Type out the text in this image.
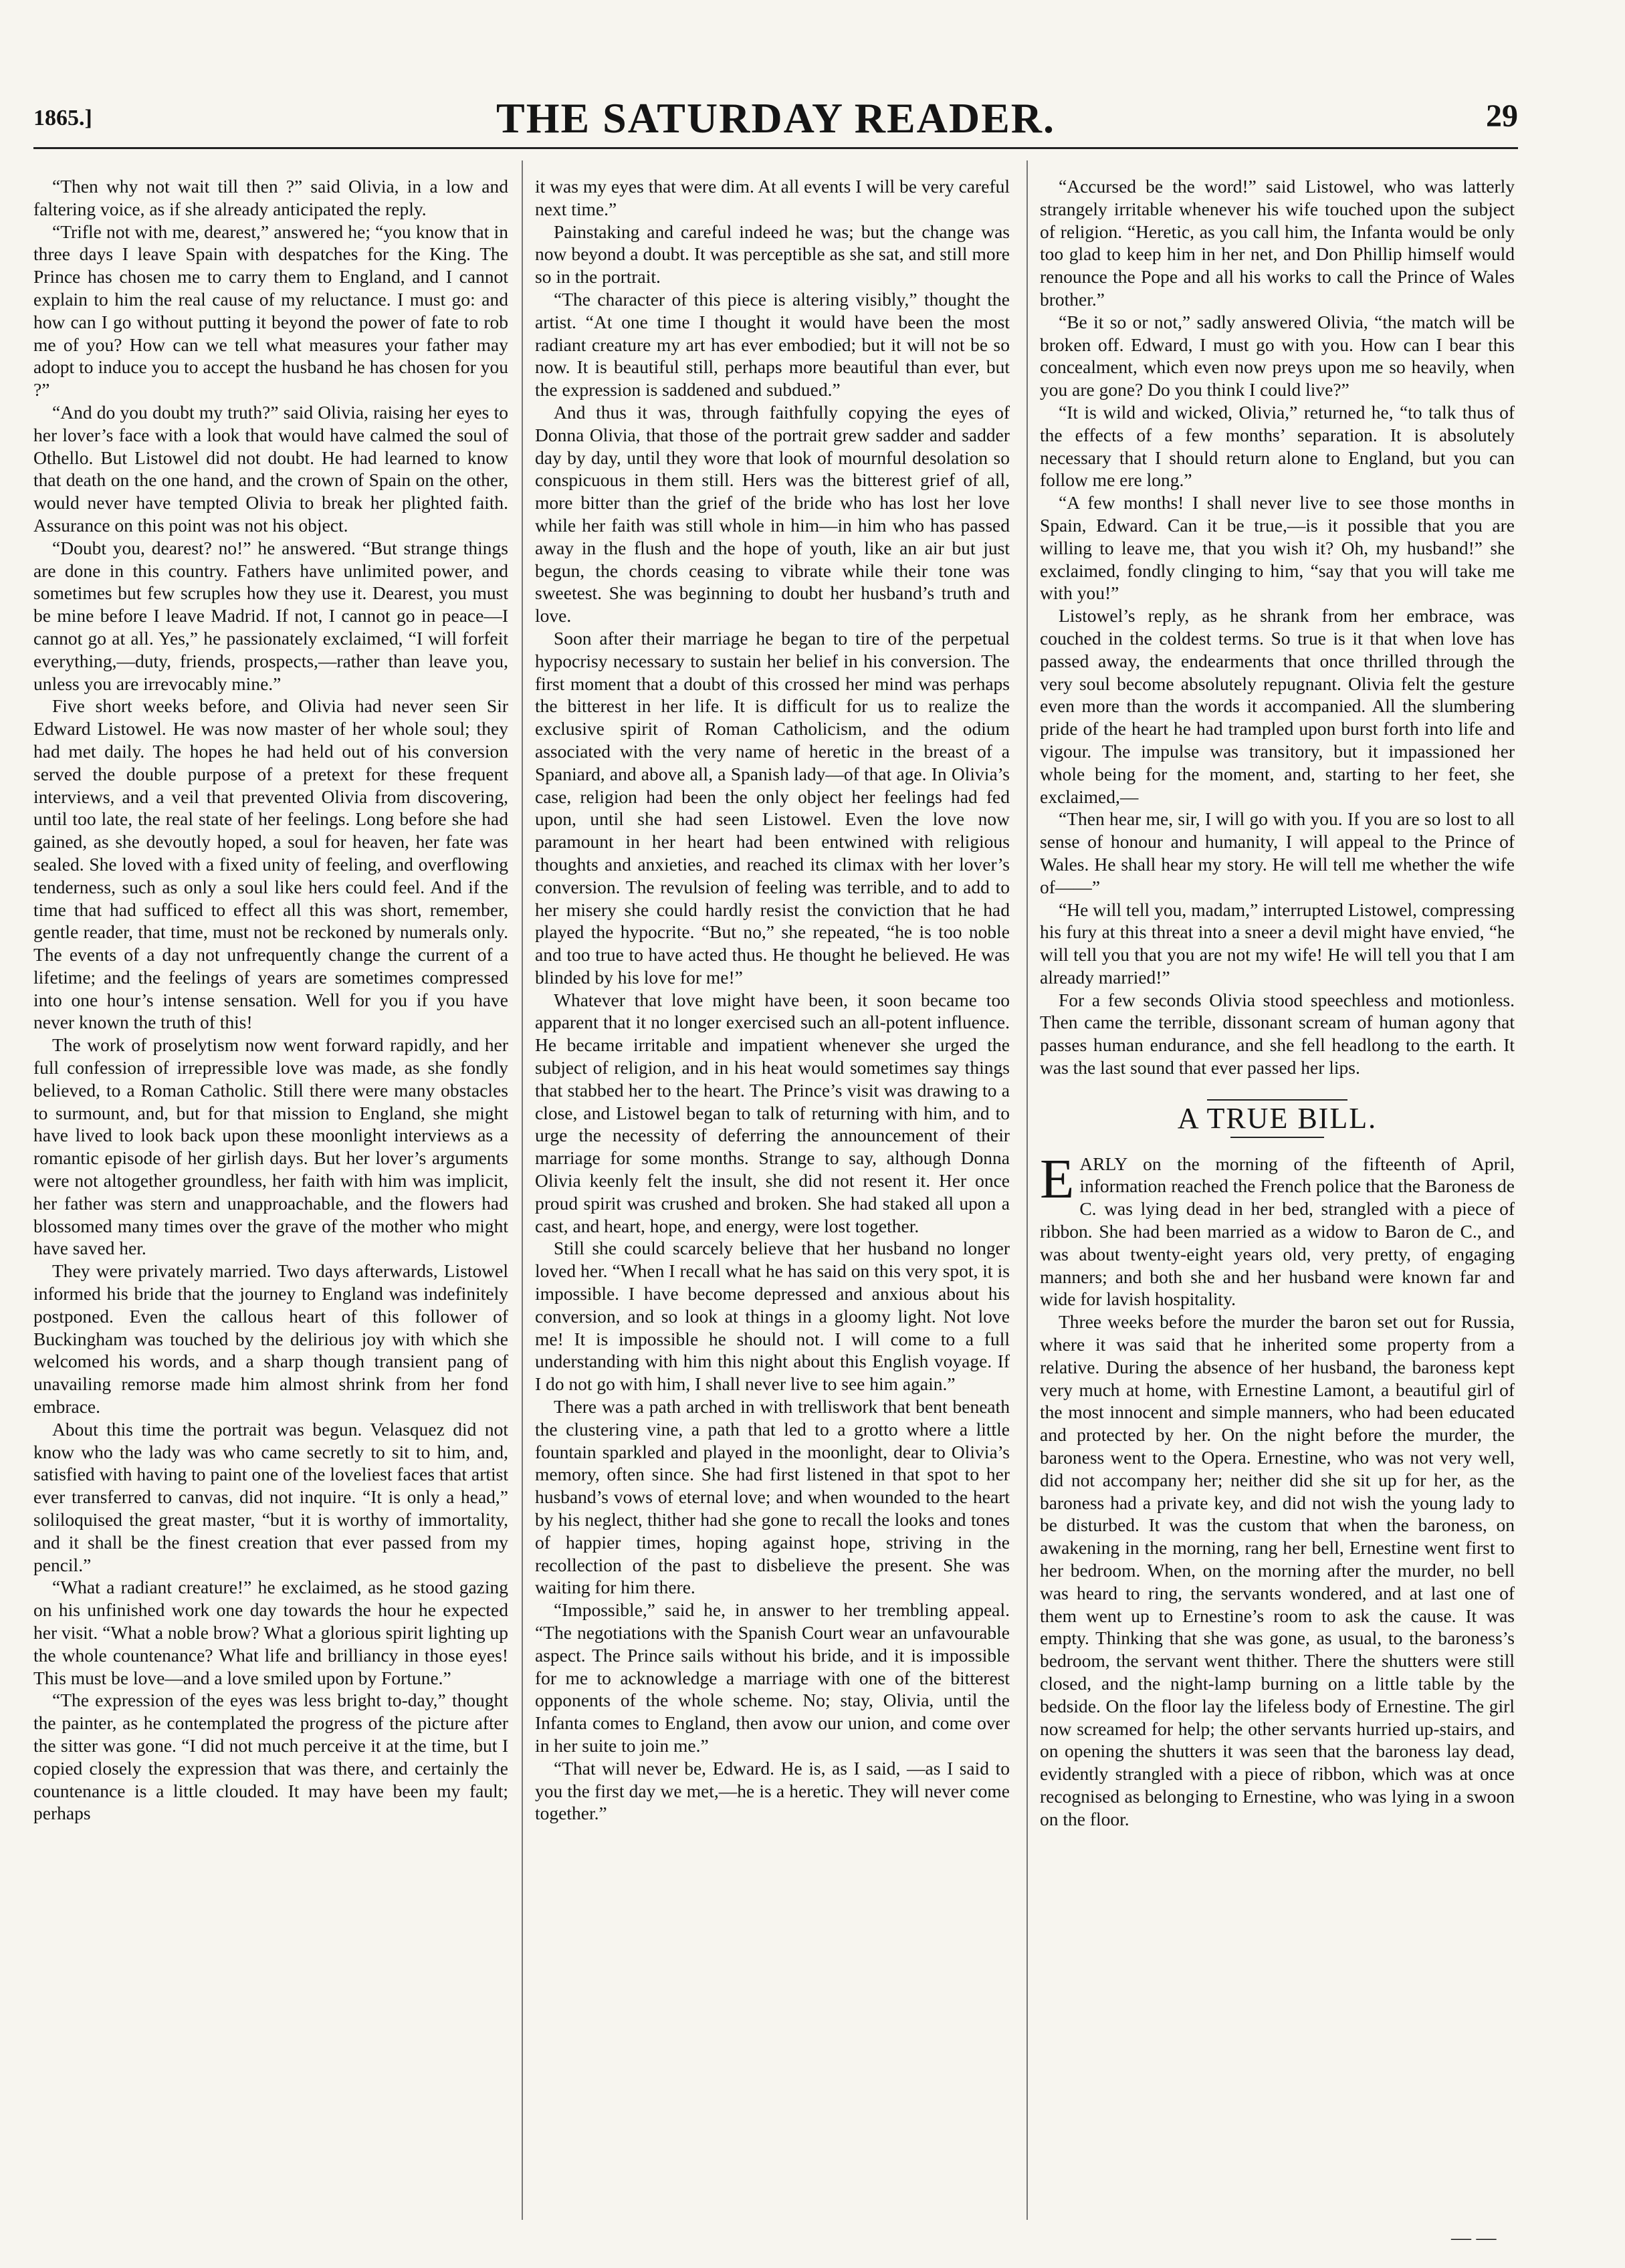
1865.]	THE SATURDAY READER.	29

“Then why not wait till then ?” said Olivia, in a low and faltering voice, as if she already anticipated the reply.

“Trifle not with me, dearest,” answered he; “you know that in three days I leave Spain with despatches for the King. The Prince has chosen me to carry them to England, and I cannot explain to him the real cause of my reluctance. I must go: and how can I go without putting it beyond the power of fate to rob me of you? How can we tell what measures your father may adopt to induce you to accept the husband he has chosen for you ?”

“And do you doubt my truth?” said Olivia, raising her eyes to her lover’s face with a look that would have calmed the soul of Othello. But Listowel did not doubt. He had learned to know that death on the one hand, and the crown of Spain on the other, would never have tempted Olivia to break her plighted faith. Assurance on this point was not his object.

“Doubt you, dearest? no!” he answered. “But strange things are done in this country. Fathers have unlimited power, and sometimes but few scruples how they use it. Dearest, you must be mine before I leave Madrid. If not, I cannot go in peace—I cannot go at all. Yes,” he passionately exclaimed, “I will forfeit everything,—duty, friends, prospects,—rather than leave you, unless you are irrevocably mine.”

Five short weeks before, and Olivia had never seen Sir Edward Listowel. He was now master of her whole soul; they had met daily. The hopes he had held out of his conversion served the double purpose of a pretext for these frequent interviews, and a veil that prevented Olivia from discovering, until too late, the real state of her feelings. Long before she had gained, as she devoutly hoped, a soul for heaven, her fate was sealed. She loved with a fixed unity of feeling, and overflowing tenderness, such as only a soul like hers could feel. And if the time that had sufficed to effect all this was short, remember, gentle reader, that time, must not be reckoned by numerals only. The events of a day not unfrequently change the current of a lifetime; and the feelings of years are sometimes compressed into one hour’s intense sensation. Well for you if you have never known the truth of this!

The work of proselytism now went forward rapidly, and her full confession of irrepressible love was made, as she fondly believed, to a Roman Catholic. Still there were many obstacles to surmount, and, but for that mission to England, she might have lived to look back upon these moonlight interviews as a romantic episode of her girlish days. But her lover’s arguments were not altogether groundless, her faith with him was implicit, her father was stern and unapproachable, and the flowers had blossomed many times over the grave of the mother who might have saved her.

They were privately married. Two days afterwards, Listowel informed his bride that the journey to England was indefinitely postponed. Even the callous heart of this follower of Buckingham was touched by the delirious joy with which she welcomed his words, and a sharp though transient pang of unavailing remorse made him almost shrink from her fond embrace.

About this time the portrait was begun. Velasquez did not know who the lady was who came secretly to sit to him, and, satisfied with having to paint one of the loveliest faces that artist ever transferred to canvas, did not inquire. “It is only a head,” soliloquised the great master, “but it is worthy of immortality, and it shall be the finest creation that ever passed from my pencil.”

“What a radiant creature!” he exclaimed, as he stood gazing on his unfinished work one day towards the hour he expected her visit. “What a noble brow? What a glorious spirit lighting up the whole countenance? What life and brilliancy in those eyes! This must be love—and a love smiled upon by Fortune.”

“The expression of the eyes was less bright to-day,” thought the painter, as he contemplated the progress of the picture after the sitter was gone. “I did not much perceive it at the time, but I copied closely the expression that was there, and certainly the countenance is a little clouded. It may have been my fault; perhaps

it was my eyes that were dim. At all events I will be very careful next time.”

Painstaking and careful indeed he was; but the change was now beyond a doubt. It was perceptible as she sat, and still more so in the portrait.

“The character of this piece is altering visibly,” thought the artist. “At one time I thought it would have been the most radiant creature my art has ever embodied; but it will not be so now. It is beautiful still, perhaps more beautiful than ever, but the expression is saddened and subdued.”

And thus it was, through faithfully copying the eyes of Donna Olivia, that those of the portrait grew sadder and sadder day by day, until they wore that look of mournful desolation so conspicuous in them still. Hers was the bitterest grief of all, more bitter than the grief of the bride who has lost her love while her faith was still whole in him—in him who has passed away in the flush and the hope of youth, like an air but just begun, the chords ceasing to vibrate while their tone was sweetest. She was beginning to doubt her husband’s truth and love.

Soon after their marriage he began to tire of the perpetual hypocrisy necessary to sustain her belief in his conversion. The first moment that a doubt of this crossed her mind was perhaps the bitterest in her life. It is difficult for us to realize the exclusive spirit of Roman Catholicism, and the odium associated with the very name of heretic in the breast of a Spaniard, and above all, a Spanish lady—of that age. In Olivia’s case, religion had been the only object her feelings had fed upon, until she had seen Listowel. Even the love now paramount in her heart had been entwined with religious thoughts and anxieties, and reached its climax with her lover’s conversion. The revulsion of feeling was terrible, and to add to her misery she could hardly resist the conviction that he had played the hypocrite. “But no,” she repeated, “he is too noble and too true to have acted thus. He thought he believed. He was blinded by his love for me!”

Whatever that love might have been, it soon became too apparent that it no longer exercised such an all-potent influence. He became irritable and impatient whenever she urged the subject of religion, and in his heat would sometimes say things that stabbed her to the heart. The Prince’s visit was drawing to a close, and Listowel began to talk of returning with him, and to urge the necessity of deferring the announcement of their marriage for some months. Strange to say, although Donna Olivia keenly felt the insult, she did not resent it. Her once proud spirit was crushed and broken. She had staked all upon a cast, and heart, hope, and energy, were lost together.

Still she could scarcely believe that her husband no longer loved her. “When I recall what he has said on this very spot, it is impossible. I have become depressed and anxious about his conversion, and so look at things in a gloomy light. Not love me! It is impossible he should not. I will come to a full understanding with him this night about this English voyage. If I do not go with him, I shall never live to see him again.”

There was a path arched in with trelliswork that bent beneath the clustering vine, a path that led to a grotto where a little fountain sparkled and played in the moonlight, dear to Olivia’s memory, often since. She had first listened in that spot to her husband’s vows of eternal love; and when wounded to the heart by his neglect, thither had she gone to recall the looks and tones of happier times, hoping against hope, striving in the recollection of the past to disbelieve the present. She was waiting for him there.

“Impossible,” said he, in answer to her trembling appeal. “The negotiations with the Spanish Court wear an unfavourable aspect. The Prince sails without his bride, and it is impossible for me to acknowledge a marriage with one of the bitterest opponents of the whole scheme. No; stay, Olivia, until the Infanta comes to England, then avow our union, and come over in her suite to join me.”

“That will never be, Edward. He is, as I said, —as I said to you the first day we met,—he is a heretic. They will never come together.”

“Accursed be the word!” said Listowel, who was latterly strangely irritable whenever his wife touched upon the subject of religion. “Heretic, as you call him, the Infanta would be only too glad to keep him in her net, and Don Phillip himself would renounce the Pope and all his works to call the Prince of Wales brother.”

“Be it so or not,” sadly answered Olivia, “the match will be broken off. Edward, I must go with you. How can I bear this concealment, which even now preys upon me so heavily, when you are gone? Do you think I could live?”

“It is wild and wicked, Olivia,” returned he, “to talk thus of the effects of a few months’ separation. It is absolutely necessary that I should return alone to England, but you can follow me ere long.”

“A few months! I shall never live to see those months in Spain, Edward. Can it be true,—is it possible that you are willing to leave me, that you wish it? Oh, my husband!” she exclaimed, fondly clinging to him, “say that you will take me with you!”

Listowel’s reply, as he shrank from her embrace, was couched in the coldest terms. So true is it that when love has passed away, the endearments that once thrilled through the very soul become absolutely repugnant. Olivia felt the gesture even more than the words it accompanied. All the slumbering pride of the heart he had trampled upon burst forth into life and vigour. The impulse was transitory, but it impassioned her whole being for the moment, and, starting to her feet, she exclaimed,—

“Then hear me, sir, I will go with you. If you are so lost to all sense of honour and humanity, I will appeal to the Prince of Wales. He shall hear my story. He will tell me whether the wife of——”

“He will tell you, madam,” interrupted Listowel, compressing his fury at this threat into a sneer a devil might have envied, “he will tell you that you are not my wife! He will tell you that I am already married!”

For a few seconds Olivia stood speechless and motionless. Then came the terrible, dissonant scream of human agony that passes human endurance, and she fell headlong to the earth. It was the last sound that ever passed her lips.

A TRUE BILL.

EARLY on the morning of the fifteenth of April, information reached the French police that the Baroness de C. was lying dead in her bed, strangled with a piece of ribbon. She had been married as a widow to Baron de C., and was about twenty-eight years old, very pretty, of engaging manners; and both she and her husband were known far and wide for lavish hospitality.

Three weeks before the murder the baron set out for Russia, where it was said that he inherited some property from a relative. During the absence of her husband, the baroness kept very much at home, with Ernestine Lamont, a beautiful girl of the most innocent and simple manners, who had been educated and protected by her. On the night before the murder, the baroness went to the Opera. Ernestine, who was not very well, did not accompany her; neither did she sit up for her, as the baroness had a private key, and did not wish the young lady to be disturbed. It was the custom that when the baroness, on awakening in the morning, rang her bell, Ernestine went first to her bedroom. When, on the morning after the murder, no bell was heard to ring, the servants wondered, and at last one of them went up to Ernestine’s room to ask the cause. It was empty. Thinking that she was gone, as usual, to the baroness’s bedroom, the servant went thither. There the shutters were still closed, and the night-lamp burning on a little table by the bedside. On the floor lay the lifeless body of Ernestine. The girl now screamed for help; the other servants hurried up-stairs, and on opening the shutters it was seen that the baroness lay dead, evidently strangled with a piece of ribbon, which was at once recognised as belonging to Ernestine, who was lying in a swoon on the floor.

— —
